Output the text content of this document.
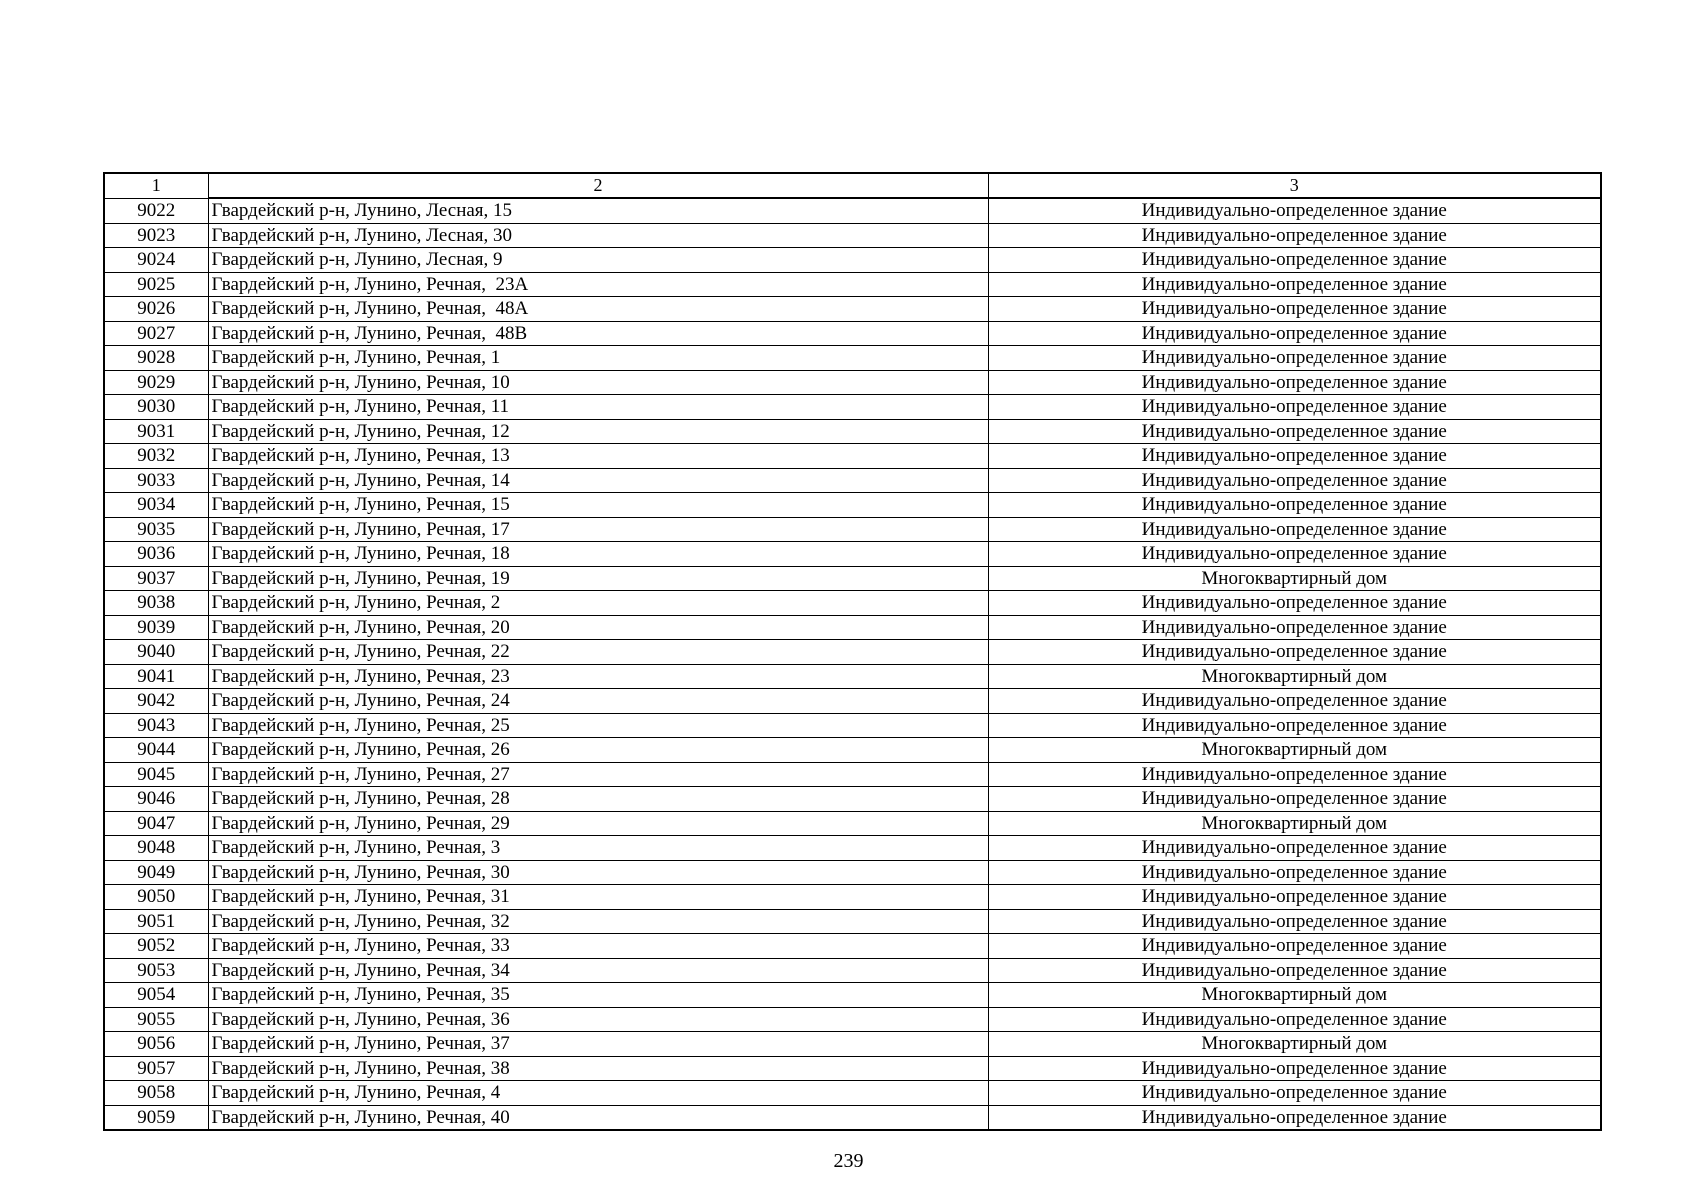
1	2	3
9022	Гвардейский р-н, Лунино, Лесная, 15	Индивидуально-определенное здание
9023	Гвардейский р-н, Лунино, Лесная, 30	Индивидуально-определенное здание
9024	Гвардейский р-н, Лунино, Лесная, 9	Индивидуально-определенное здание
9025	Гвардейский р-н, Лунино, Речная,  23А	Индивидуально-определенное здание
9026	Гвардейский р-н, Лунино, Речная,  48А	Индивидуально-определенное здание
9027	Гвардейский р-н, Лунино, Речная,  48В	Индивидуально-определенное здание
9028	Гвардейский р-н, Лунино, Речная, 1	Индивидуально-определенное здание
9029	Гвардейский р-н, Лунино, Речная, 10	Индивидуально-определенное здание
9030	Гвардейский р-н, Лунино, Речная, 11	Индивидуально-определенное здание
9031	Гвардейский р-н, Лунино, Речная, 12	Индивидуально-определенное здание
9032	Гвардейский р-н, Лунино, Речная, 13	Индивидуально-определенное здание
9033	Гвардейский р-н, Лунино, Речная, 14	Индивидуально-определенное здание
9034	Гвардейский р-н, Лунино, Речная, 15	Индивидуально-определенное здание
9035	Гвардейский р-н, Лунино, Речная, 17	Индивидуально-определенное здание
9036	Гвардейский р-н, Лунино, Речная, 18	Индивидуально-определенное здание
9037	Гвардейский р-н, Лунино, Речная, 19	Многоквартирный дом
9038	Гвардейский р-н, Лунино, Речная, 2	Индивидуально-определенное здание
9039	Гвардейский р-н, Лунино, Речная, 20	Индивидуально-определенное здание
9040	Гвардейский р-н, Лунино, Речная, 22	Индивидуально-определенное здание
9041	Гвардейский р-н, Лунино, Речная, 23	Многоквартирный дом
9042	Гвардейский р-н, Лунино, Речная, 24	Индивидуально-определенное здание
9043	Гвардейский р-н, Лунино, Речная, 25	Индивидуально-определенное здание
9044	Гвардейский р-н, Лунино, Речная, 26	Многоквартирный дом
9045	Гвардейский р-н, Лунино, Речная, 27	Индивидуально-определенное здание
9046	Гвардейский р-н, Лунино, Речная, 28	Индивидуально-определенное здание
9047	Гвардейский р-н, Лунино, Речная, 29	Многоквартирный дом
9048	Гвардейский р-н, Лунино, Речная, 3	Индивидуально-определенное здание
9049	Гвардейский р-н, Лунино, Речная, 30	Индивидуально-определенное здание
9050	Гвардейский р-н, Лунино, Речная, 31	Индивидуально-определенное здание
9051	Гвардейский р-н, Лунино, Речная, 32	Индивидуально-определенное здание
9052	Гвардейский р-н, Лунино, Речная, 33	Индивидуально-определенное здание
9053	Гвардейский р-н, Лунино, Речная, 34	Индивидуально-определенное здание
9054	Гвардейский р-н, Лунино, Речная, 35	Многоквартирный дом
9055	Гвардейский р-н, Лунино, Речная, 36	Индивидуально-определенное здание
9056	Гвардейский р-н, Лунино, Речная, 37	Многоквартирный дом
9057	Гвардейский р-н, Лунино, Речная, 38	Индивидуально-определенное здание
9058	Гвардейский р-н, Лунино, Речная, 4	Индивидуально-определенное здание
9059	Гвардейский р-н, Лунино, Речная, 40	Индивидуально-определенное здание
239
